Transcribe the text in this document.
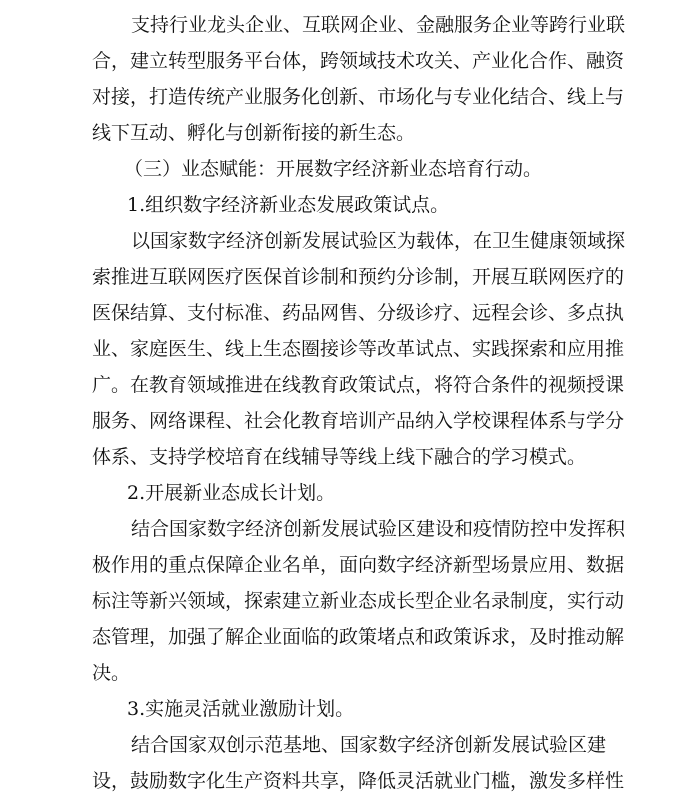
支持行业龙头企业、互联网企业、金融服务企业等跨行业联
合，建立转型服务平台体，跨领域技术攻关、产业化合作、融资
对接，打造传统产业服务化创新、市场化与专业化结合、线上与
线下互动、孵化与创新衔接的新生态。
（三）业态赋能：开展数字经济新业态培育行动。
1.组织数字经济新业态发展政策试点。
以国家数字经济创新发展试验区为载体，在卫生健康领域探
索推进互联网医疗医保首诊制和预约分诊制，开展互联网医疗的
医保结算、支付标准、药品网售、分级诊疗、远程会诊、多点执
业、家庭医生、线上生态圈接诊等改革试点、实践探索和应用推
广。在教育领域推进在线教育政策试点，将符合条件的视频授课
服务、网络课程、社会化教育培训产品纳入学校课程体系与学分
体系、支持学校培育在线辅导等线上线下融合的学习模式。
2.开展新业态成长计划。
结合国家数字经济创新发展试验区建设和疫情防控中发挥积
极作用的重点保障企业名单，面向数字经济新型场景应用、数据
标注等新兴领域，探索建立新业态成长型企业名录制度，实行动
态管理，加强了解企业面临的政策堵点和政策诉求，及时推动解
决。
3.实施灵活就业激励计划。
结合国家双创示范基地、国家数字经济创新发展试验区建
设，鼓励数字化生产资料共享，降低灵活就业门槛，激发多样性
